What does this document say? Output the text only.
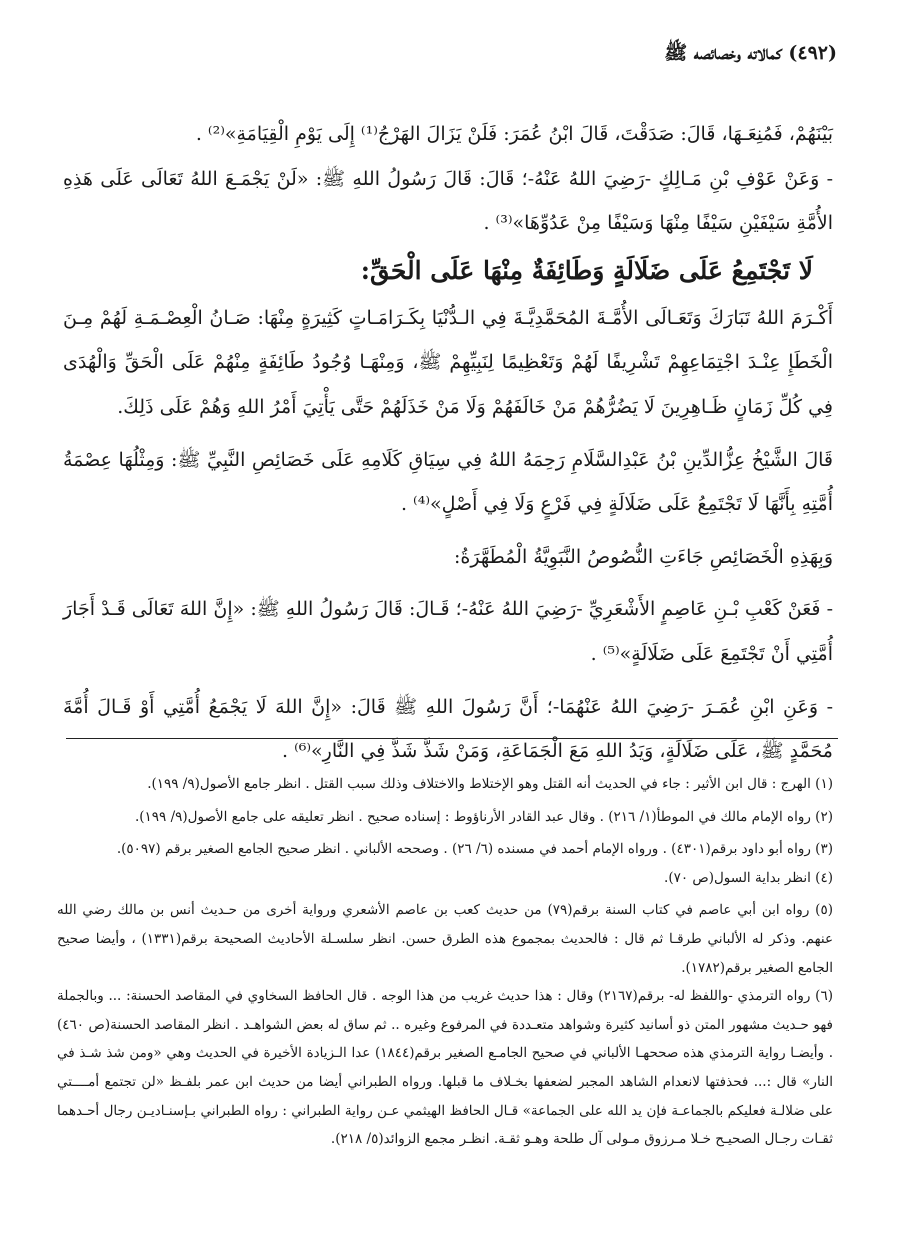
(٤٩٢) كمالاته وخصائصه ﷺ

بَيْنَهُمْ، فَمُنِعَـهَا، قَالَ: صَدَقْتَ، قَالَ ابْنُ عُمَرَ: فَلَنْ يَزَالَ الهَرْجُ⁽¹⁾ إِلَى يَوْمِ الْقِيَامَةِ»⁽²⁾ .

- وَعَنْ عَوْفِ بْنِ مَـالِكٍ -رَضِيَ اللهُ عَنْهُ-؛ قَالَ: قَالَ رَسُولُ اللهِ ﷺ: «لَنْ يَجْمَـعَ اللهُ تَعَالَى عَلَى هَذِهِ الأُمَّةِ سَيْفَيْنِ سَيْفًا مِنْهَا وَسَيْفًا مِنْ عَدُوِّهَا»⁽³⁾ .

لَا تَجْتَمِعُ عَلَى ضَلَالَةٍ وَطَائِفَةٌ مِنْهَا عَلَى الْحَقِّ:

أَكْـرَمَ اللهُ تَبَارَكَ وَتَعَـالَى الأُمَّـةَ المُحَمَّدِيَّـةَ فِي الـدُّنْيَا بِكَـرَامَـاتٍ كَثِيرَةٍ مِنْهَا: صَـانُ الْعِصْـمَـةِ لَهُمْ مِـنَ الْخَطَإِ عِنْـدَ اجْتِمَاعِهِمْ تَشْرِيفًا لَهُمْ وَتَعْظِيمًا لِنَبِيِّهِمْ ﷺ، وَمِنْهَـا وُجُودُ طَائِفَةٍ مِنْهُمْ عَلَى الْحَقِّ وَالْهُدَى فِي كُلِّ زَمَانٍ ظَـاهِرِينَ لَا يَضُرُّهُمْ مَنْ خَالَفَهُمْ وَلَا مَنْ خَذَلَهُمْ حَتَّى يَأْتِيَ أَمْرُ اللهِ وَهُمْ عَلَى ذَلِكَ.

قَالَ الشَّيْخُ عِزُّالدِّينِ بْنُ عَبْدِالسَّلَامِ رَحِمَهُ اللهُ فِي سِيَاقِ كَلَامِهِ عَلَى خَصَائِصِ النَّبِيِّ ﷺ: وَمِثْلُهَا عِصْمَةُ أُمَّتِهِ بِأَنَّهَا لَا تَجْتَمِعُ عَلَى ضَلَالَةٍ فِي فَرْعٍ وَلَا فِي أَصْلٍ»⁽⁴⁾ .

وَبِهَذِهِ الْخَصَائِصِ جَاءَتِ النُّصُوصُ النَّبَوِيَّةُ الْمُطَهَّرَةُ:

- فَعَنْ كَعْبِ بْـنِ عَاصِمٍ الأَشْعَرِيِّ -رَضِيَ اللهُ عَنْهُ-؛ قَـالَ: قَالَ رَسُولُ اللهِ ﷺ: «إِنَّ اللهَ تَعَالَى قَـدْ أَجَارَ أُمَّتِي أَنْ تَجْتَمِعَ عَلَى ضَلَالَةٍ»⁽⁵⁾ .

- وَعَنِ ابْنِ عُمَـرَ -رَضِيَ اللهُ عَنْهُمَا-؛ أَنَّ رَسُولَ اللهِ ﷺ قَالَ: «إِنَّ اللهَ لَا يَجْمَعُ أُمَّتِي أَوْ قَـالَ أُمَّةَ مُحَمَّدٍ ﷺ، عَلَى ضَلَالَةٍ، وَيَدُ اللهِ مَعَ الْجَمَاعَةِ، وَمَنْ شَذَّ شَذَّ فِي النَّارِ»⁽⁶⁾ .

(١) الهرج : قال ابن الأثير : جاء في الحديث أنه القتل وهو الإختلاط والاختلاف وذلك سبب القتل . انظر جامع الأصول(٩/ ١٩٩).

(٢) رواه الإمام مالك في الموطأ(١/ ٢١٦) . وقال عبد القادر الأرناؤوط : إسناده صحيح . انظر تعليقه على جامع الأصول(٩/ ١٩٩).

(٣) رواه أبو داود برقم(٤٣٠١) . ورواه الإمام أحمد في مسنده (٦/ ٢٦) . وصححه الألباني . انظر صحيح الجامع الصغير برقم (٥٠٩٧).

(٤) انظر بداية السول(ص ٧٠).

(٥) رواه ابن أبي عاصم في كتاب السنة برقم(٧٩) من حديث كعب بن عاصم الأشعري ورواية أخرى من حـديث أنس بن مالك رضي الله عنهم. وذكر له الألباني طرقـا ثم قال : فالحديث بمجموع هذه الطرق حسن. انظر سلسـلة الأحاديث الصحيحة برقم(١٣٣١) ، وأيضا صحيح الجامع الصغير برقم(١٧٨٢).

(٦) رواه الترمذي -واللفظ له- برقم(٢١٦٧) وقال : هذا حديث غريب من هذا الوجه . قال الحافظ السخاوي في المقاصد الحسنة: ... وبالجملة فهو حـديث مشهور المتن ذو أسانيد كثيرة وشواهد متعـددة في المرفوع وغيره .. ثم ساق له بعض الشواهـد . انظر المقاصد الحسنة(ص ٤٦٠) . وأيضـا رواية الترمذي هذه صححهـا الألباني في صحيح الجامـع الصغير برقم(١٨٤٤) عدا الـزيادة الأخيرة في الحديث وهي «ومن شذ شـذ في النار» قال :... فحذفتها لانعدام الشاهد المجبر لضعفها بخـلاف ما قبلها. ورواه الطبراني أيضا من حديث ابن عمر بلفـظ «لن تجتمع أمــــتي على ضلالـة فعليكم بالجماعـة فإن يد الله على الجماعة» قـال الحافظ الهيثمي عـن رواية الطبراني : رواه الطبراني بـإسنـاديـن رجال أحـدهما ثقـات رجـال الصحيـح خـلا مـرزوق مـولى آل طلحة وهـو ثقـة. انظـر مجمع الزوائد(٥/ ٢١٨).
